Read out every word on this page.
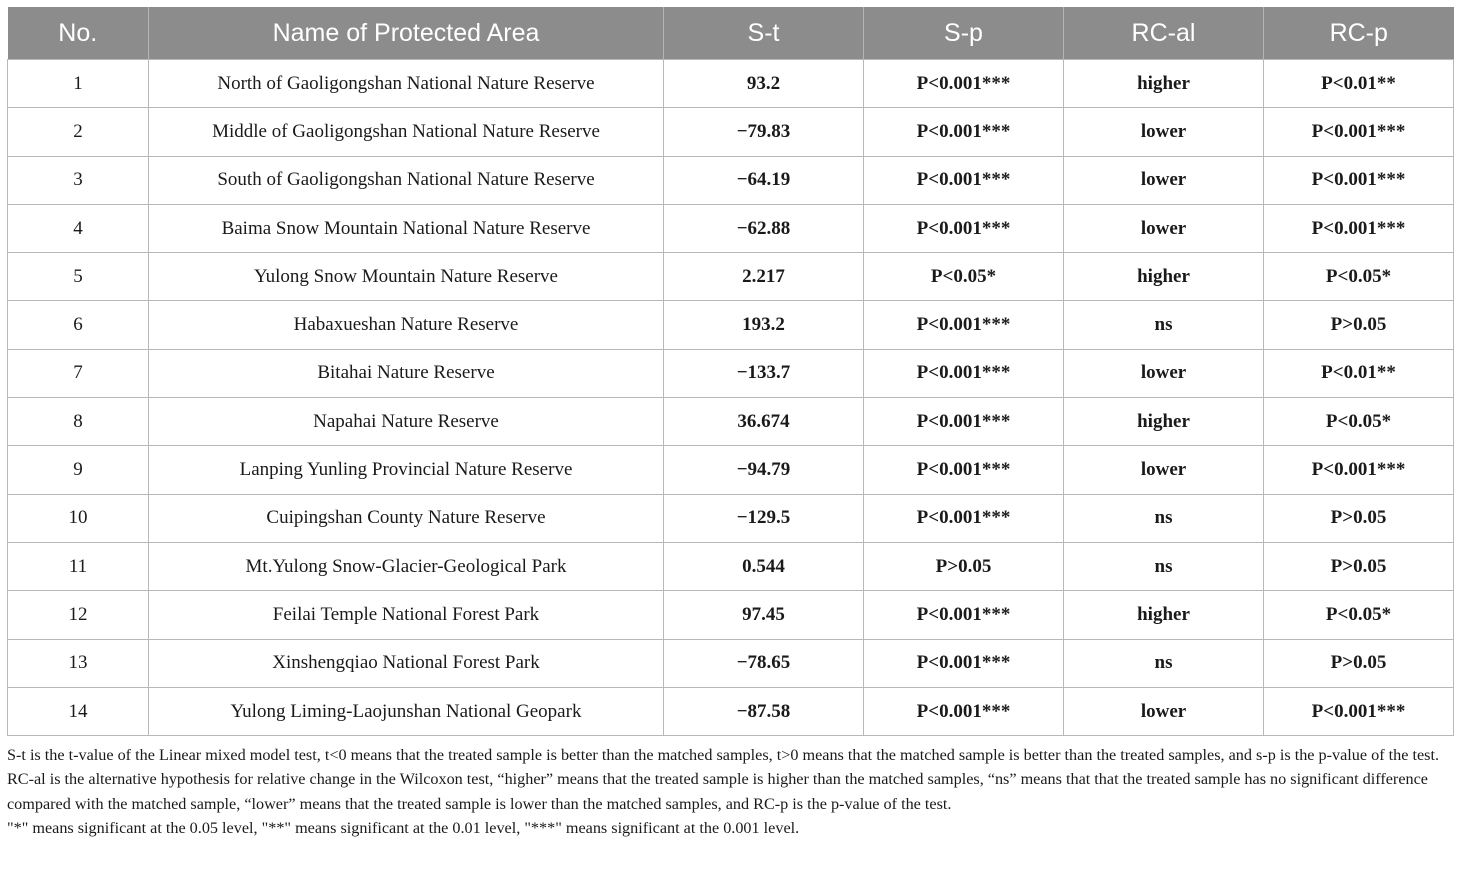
No.	Name of Protected Area	S-t	S-p	RC-al	RC-p
1	North of Gaoligongshan National Nature Reserve	93.2	P<0.001***	higher	P<0.01**
2	Middle of Gaoligongshan National Nature Reserve	−79.83	P<0.001***	lower	P<0.001***
3	South of Gaoligongshan National Nature Reserve	−64.19	P<0.001***	lower	P<0.001***
4	Baima Snow Mountain National Nature Reserve	−62.88	P<0.001***	lower	P<0.001***
5	Yulong Snow Mountain Nature Reserve	2.217	P<0.05*	higher	P<0.05*
6	Habaxueshan Nature Reserve	193.2	P<0.001***	ns	P>0.05
7	Bitahai Nature Reserve	−133.7	P<0.001***	lower	P<0.01**
8	Napahai Nature Reserve	36.674	P<0.001***	higher	P<0.05*
9	Lanping Yunling Provincial Nature Reserve	−94.79	P<0.001***	lower	P<0.001***
10	Cuipingshan County Nature Reserve	−129.5	P<0.001***	ns	P>0.05
11	Mt.Yulong Snow-Glacier-Geological Park	0.544	P>0.05	ns	P>0.05
12	Feilai Temple National Forest Park	97.45	P<0.001***	higher	P<0.05*
13	Xinshengqiao National Forest Park	−78.65	P<0.001***	ns	P>0.05
14	Yulong Liming-Laojunshan National Geopark	−87.58	P<0.001***	lower	P<0.001***

S-t is the t-value of the Linear mixed model test, t<0 means that the treated sample is better than the matched samples, t>0 means that the matched sample is better than the treated samples, and s-p is the p-value of the test.

RC-al is the alternative hypothesis for relative change in the Wilcoxon test, “higher” means that the treated sample is higher than the matched samples, “ns” means that that the treated sample has no significant difference compared with the matched sample, “lower” means that the treated sample is lower than the matched samples, and RC-p is the p-value of the test.

"*" means significant at the 0.05 level, "**" means significant at the 0.01 level, "***" means significant at the 0.001 level.
